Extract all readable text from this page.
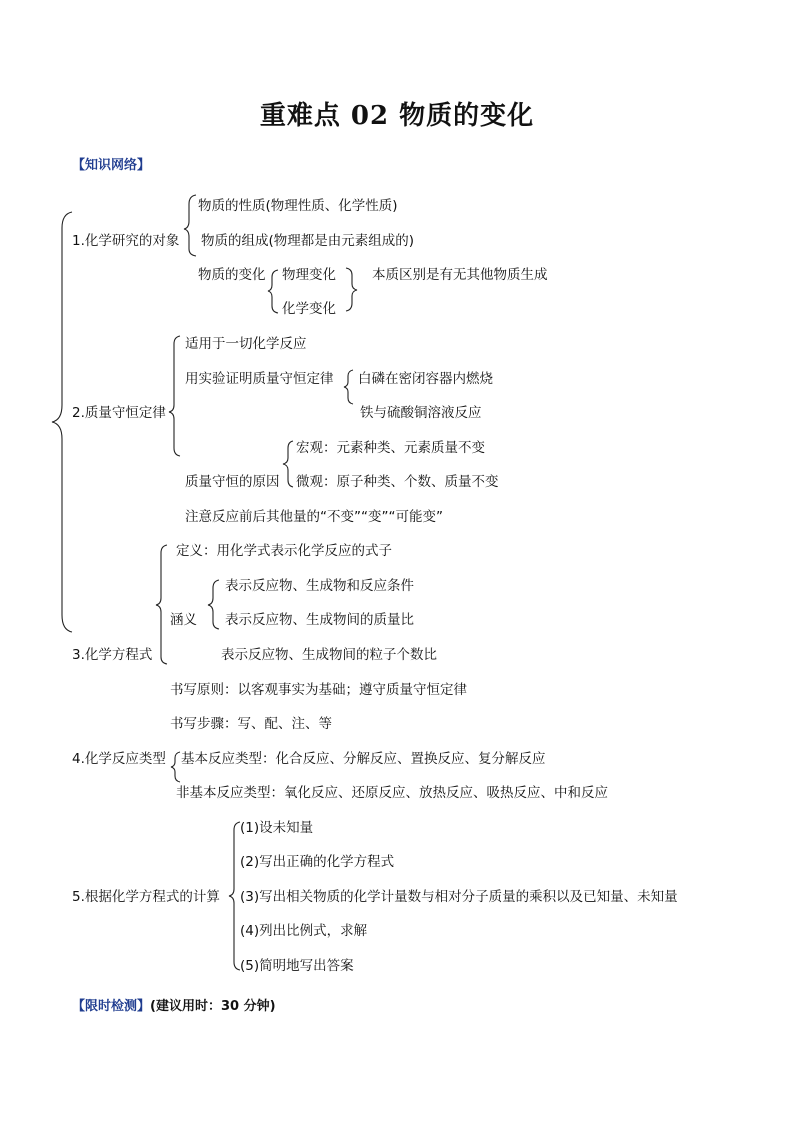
重难点 02 物质的变化
【知识网络】
1.化学研究的对象
物质的性质(物理性质、化学性质)
物质的组成(物理都是由元素组成的)
物质的变化 物理变化
化学变化
本质区别是有无其他物质生成
2.质量守恒定律
适用于一切化学反应
用实验证明质量守恒定律 白磷在密闭容器内燃烧
铁与硫酸铜溶液反应
质量守恒的原因
宏观：元素种类、元素质量不变
微观：原子种类、个数、质量不变
注意反应前后其他量的“不变”“变”“可能变”
3.化学方程式
定义：用化学式表示化学反应的式子
涵义
表示反应物、生成物和反应条件
表示反应物、生成物间的质量比
表示反应物、生成物间的粒子个数比
书写原则：以客观事实为基础；遵守质量守恒定律
书写步骤：写、配、注、等
4.化学反应类型 基本反应类型：化合反应、分解反应、置换反应、复分解反应
非基本反应类型：氧化反应、还原反应、放热反应、吸热反应、中和反应
5.根据化学方程式的计算
(1)设未知量
(2)写出正确的化学方程式
(3)写出相关物质的化学计量数与相对分子质量的乘积以及已知量、未知量
(4)列出比例式，求解
(5)简明地写出答案
【限时检测】(建议用时：30 分钟)
